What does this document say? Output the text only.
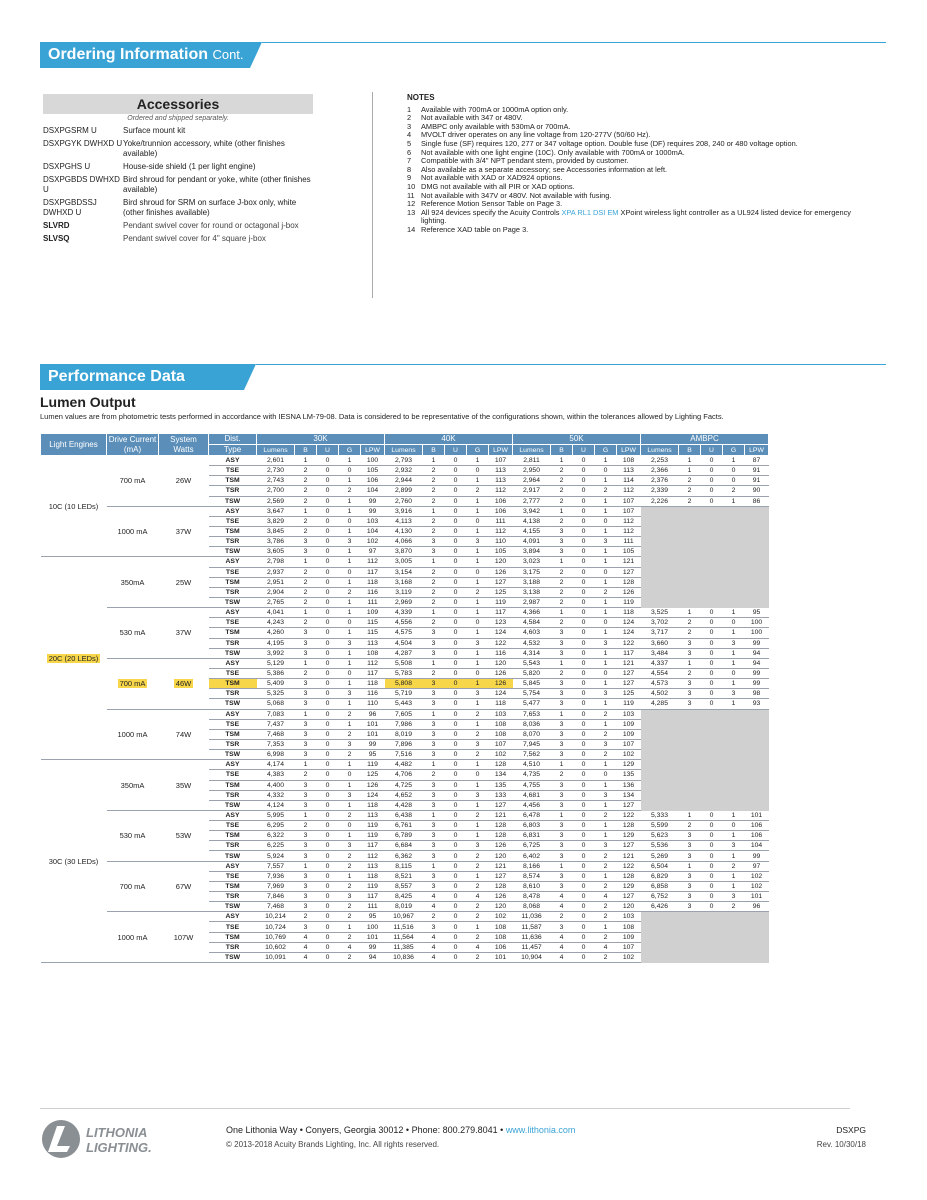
Ordering Information Cont.
Accessories
Ordered and shipped separately.
DSXPGSRM U	Surface mount kit
DSXPGYK DWHXD U Yoke/trunnion accessory, white (other finishes available)
DSXPGHS U	House-side shield (1 per light engine)
DSXPGBDS DWHXD U
Bird shroud for pendant or yoke, white (other finishes available)
DSXPGBDSSJ DWHXD U
Bird shroud for SRM on surface J-box only, white (other finishes available)
SLVRD	Pendant swivel cover for round or octagonal j-box
SLVSQ	Pendant swivel cover for 4" square j-box
NOTES
1	Available with 700mA or 1000mA option only.
2	Not available with 347 or 480V.
3	AMBPC only available with 530mA or 700mA.
4	MVOLT driver operates on any line voltage from 120-277V (50/60 Hz).
5	Single fuse (SF) requires 120, 277 or 347 voltage option. Double fuse (DF) requires 208, 240 or 480 voltage option.
6	Not available with one light engine (10C). Only available with 700mA or 1000mA.
7	Compatible with 3/4" NPT pendant stem, provided by customer.
8	Also available as a separate accessory; see Accessories information at left.
9	Not available with XAD or XAD924 options.
10 DMG not available with all PIR or XAD options.
11 Not available with 347V or 480V. Not available with fusing.
12 Reference Motion Sensor Table on Page 3.
13 All 924 devices specify the Acuity Controls XPA RL1 DSI EM XPoint wireless light controller as a UL924 listed device for emergency lighting.
14 Reference XAD table on Page 3.
Performance Data
Lumen Output
Lumen values are from photometric tests performed in accordance with IESNA LM-79-08. Data is considered to be representative of the configurations shown, within the tolerances allowed by Lighting Facts.
Light Engines	Drive Current (mA)	System Watts	Dist.	30K					40K					50K					AMBPC				
			Type	Lumens	B	U	G	LPW	Lumens	B	U	G	LPW	Lumens	B	U	G	LPW	Lumens	B	U	G	LPW
10C (10 LEDs)	700 mA	26W	ASY	2,601	1	0	1	100	2,793	1	0	1	107	2,811	1	0	1	108	2,253	1	0	1	87
			TSE	2,730	2	0	0	105	2,932	2	0	0	113	2,950	2	0	0	113	2,366	1	0	0	91
			TSM	2,743	2	0	1	106	2,944	2	0	1	113	2,964	2	0	1	114	2,376	2	0	0	91
			TSR	2,700	2	0	2	104	2,899	2	0	2	112	2,917	2	0	2	112	2,339	2	0	2	90
			TSW	2,569	2	0	1	99	2,760	2	0	1	106	2,777	2	0	1	107	2,226	2	0	1	86
	1000 mA	37W	ASY	3,647	1	0	1	99	3,916	1	0	1	106	3,942	1	0	1	107					
			TSE	3,829	2	0	0	103	4,113	2	0	0	111	4,138	2	0	0	112					
			TSM	3,845	2	0	1	104	4,130	2	0	1	112	4,155	3	0	1	112					
			TSR	3,786	3	0	3	102	4,066	3	0	3	110	4,091	3	0	3	111					
			TSW	3,605	3	0	1	97	3,870	3	0	1	105	3,894	3	0	1	105					
20C (20 LEDs)	350mA	25W	ASY	2,798	1	0	1	112	3,005	1	0	1	120	3,023	1	0	1	121					
			TSE	2,937	2	0	0	117	3,154	2	0	0	126	3,175	2	0	0	127					
			TSM	2,951	2	0	1	118	3,168	2	0	1	127	3,188	2	0	1	128					
			TSR	2,904	2	0	2	116	3,119	2	0	2	125	3,138	2	0	2	126					
			TSW	2,765	2	0	1	111	2,969	2	0	1	119	2,987	2	0	1	119					
	530 mA	37W	ASY	4,041	1	0	1	109	4,339	1	0	1	117	4,366	1	0	1	118	3,525	1	0	1	95
			TSE	4,243	2	0	0	115	4,556	2	0	0	123	4,584	2	0	0	124	3,702	2	0	0	100
			TSM	4,260	3	0	1	115	4,575	3	0	1	124	4,603	3	0	1	124	3,717	2	0	1	100
			TSR	4,195	3	0	3	113	4,504	3	0	3	122	4,532	3	0	3	122	3,660	3	0	3	99
			TSW	3,992	3	0	1	108	4,287	3	0	1	116	4,314	3	0	1	117	3,484	3	0	1	94
	700 mA	46W	ASY	5,129	1	0	1	112	5,508	1	0	1	120	5,543	1	0	1	121	4,337	1	0	1	94
			TSE	5,386	2	0	0	117	5,783	2	0	0	126	5,820	2	0	0	127	4,554	2	0	0	99
			TSM	5,409	3	0	1	118	5,808	3	0	1	126	5,845	3	0	1	127	4,573	3	0	1	99
			TSR	5,325	3	0	3	116	5,719	3	0	3	124	5,754	3	0	3	125	4,502	3	0	3	98
			TSW	5,068	3	0	1	110	5,443	3	0	1	118	5,477	3	0	1	119	4,285	3	0	1	93
	1000 mA	74W	ASY	7,083	1	0	2	96	7,605	1	0	2	103	7,653	1	0	2	103					
			TSE	7,437	3	0	1	101	7,986	3	0	1	108	8,036	3	0	1	109					
			TSM	7,468	3	0	2	101	8,019	3	0	2	108	8,070	3	0	2	109					
			TSR	7,353	3	0	3	99	7,896	3	0	3	107	7,945	3	0	3	107					
			TSW	6,998	3	0	2	95	7,516	3	0	2	102	7,562	3	0	2	102					
30C (30 LEDs)	350mA	35W	ASY	4,174	1	0	1	119	4,482	1	0	1	128	4,510	1	0	1	129					
			TSE	4,383	2	0	0	125	4,706	2	0	0	134	4,735	2	0	0	135					
			TSM	4,400	3	0	1	126	4,725	3	0	1	135	4,755	3	0	1	136					
			TSR	4,332	3	0	3	124	4,652	3	0	3	133	4,681	3	0	3	134					
			TSW	4,124	3	0	1	118	4,428	3	0	1	127	4,456	3	0	1	127					
	530 mA	53W	ASY	5,995	1	0	2	113	6,438	1	0	2	121	6,478	1	0	2	122	5,333	1	0	1	101
			TSE	6,295	2	0	0	119	6,761	3	0	1	128	6,803	3	0	1	128	5,599	2	0	0	106
			TSM	6,322	3	0	1	119	6,789	3	0	1	128	6,831	3	0	1	129	5,623	3	0	1	106
			TSR	6,225	3	0	3	117	6,684	3	0	3	126	6,725	3	0	3	127	5,536	3	0	3	104
			TSW	5,924	3	0	2	112	6,362	3	0	2	120	6,402	3	0	2	121	5,269	3	0	1	99
	700 mA	67W	ASY	7,557	1	0	2	113	8,115	1	0	2	121	8,166	1	0	2	122	6,504	1	0	2	97
			TSE	7,936	3	0	1	118	8,521	3	0	1	127	8,574	3	0	1	128	6,829	3	0	1	102
			TSM	7,969	3	0	2	119	8,557	3	0	2	128	8,610	3	0	2	129	6,858	3	0	1	102
			TSR	7,846	3	0	3	117	8,425	4	0	4	126	8,478	4	0	4	127	6,752	3	0	3	101
			TSW	7,468	3	0	2	111	8,019	4	0	2	120	8,068	4	0	2	120	6,426	3	0	2	96
	1000 mA	107W	ASY	10,214	2	0	2	95	10,967	2	0	2	102	11,036	2	0	2	103					
			TSE	10,724	3	0	1	100	11,516	3	0	1	108	11,587	3	0	1	108					
			TSM	10,769	4	0	2	101	11,564	4	0	2	108	11,636	4	0	2	109					
			TSR	10,602	4	0	4	99	11,385	4	0	4	106	11,457	4	0	4	107					
			TSW	10,091	4	0	2	94	10,836	4	0	2	101	10,904	4	0	2	102					
LITHONIA
LIGHTING.
One Lithonia Way • Conyers, Georgia 30012 • Phone: 800.279.8041 • www.lithonia.com
© 2013-2018 Acuity Brands Lighting, Inc. All rights reserved.
DSXPG
Rev. 10/30/18
